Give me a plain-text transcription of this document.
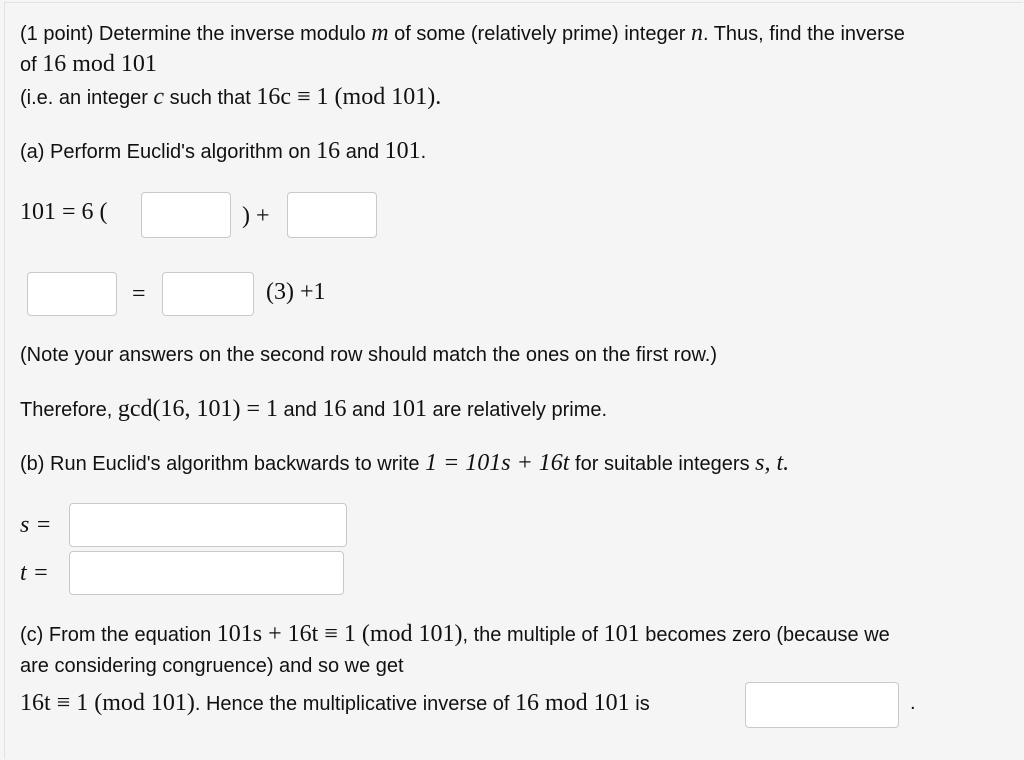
(1 point) Determine the inverse modulo m of some (relatively prime) integer n. Thus, find the inverse
of 16 mod 101
(i.e. an integer c such that 16c ≡ 1 (mod 101).
(a) Perform Euclid's algorithm on 16 and 101.
101 = 6 (	) +
=	(3) +1
(Note your answers on the second row should match the ones on the first row.)
Therefore, gcd(16, 101) = 1 and 16 and 101 are relatively prime.
(b) Run Euclid's algorithm backwards to write 1 = 101s + 16t for suitable integers s, t.
s =
t =
(c) From the equation 101s + 16t ≡ 1 (mod 101), the multiple of 101 becomes zero (because we
are considering congruence) and so we get
16t ≡ 1 (mod 101). Hence the multiplicative inverse of 16 mod 101 is	.
